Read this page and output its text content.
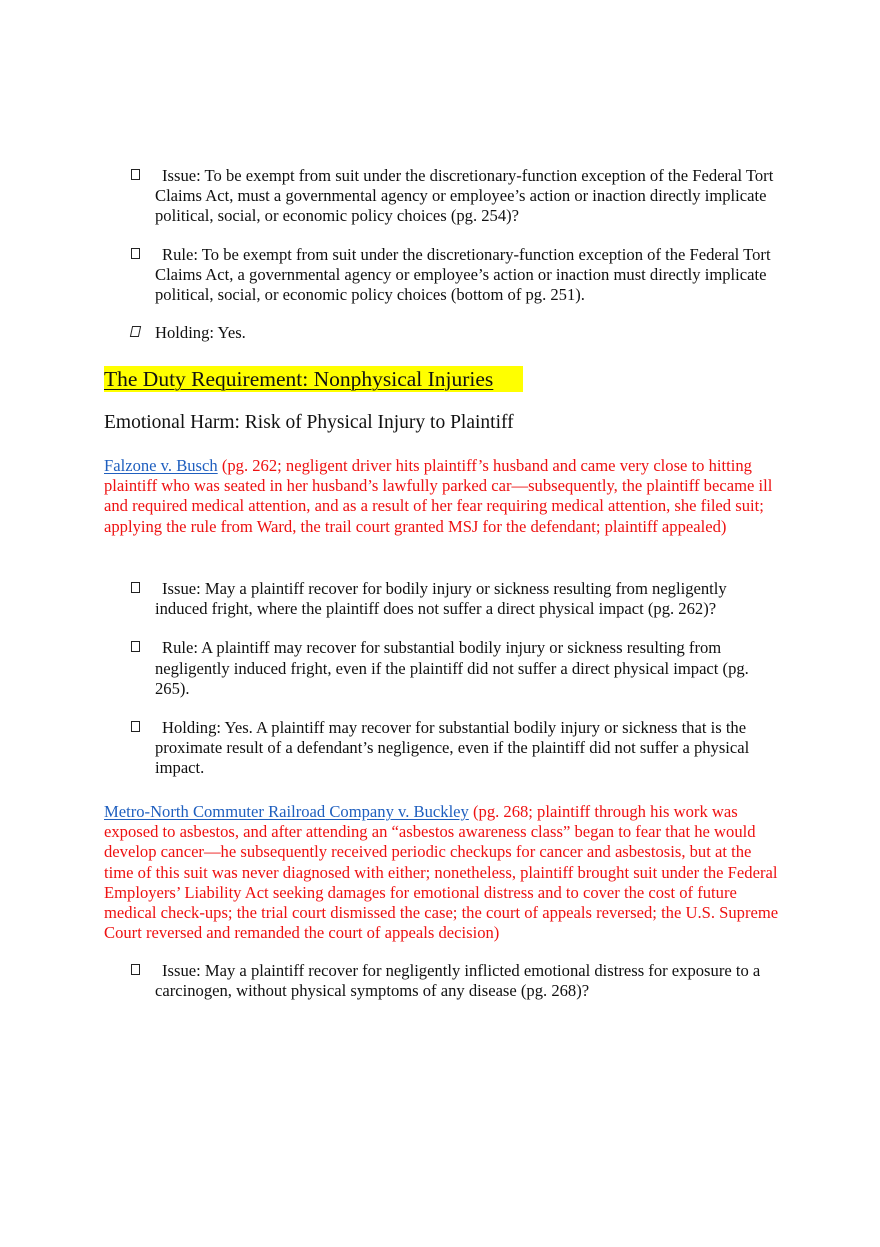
Issue: To be exempt from suit under the discretionary-function exception of the Federal Tort Claims Act, must a governmental agency or employee’s action or inaction directly implicate political, social, or economic policy choices (pg. 254)?
Rule: To be exempt from suit under the discretionary-function exception of the Federal Tort Claims Act, a governmental agency or employee’s action or inaction must directly implicate political, social, or economic policy choices (bottom of pg. 251).
Holding: Yes.
The Duty Requirement: Nonphysical Injuries
Emotional Harm: Risk of Physical Injury to Plaintiff

Falzone v. Busch (pg. 262; negligent driver hits plaintiff’s husband and came very close to hitting plaintiff who was seated in her husband’s lawfully parked car—subsequently, the plaintiff became ill and required medical attention, and as a result of her fear requiring medical attention, she filed suit; applying the rule from Ward, the trail court granted MSJ for the defendant; plaintiff appealed)

Issue: May a plaintiff recover for bodily injury or sickness resulting from negligently induced fright, where the plaintiff does not suffer a direct physical impact (pg. 262)?
Rule: A plaintiff may recover for substantial bodily injury or sickness resulting from negligently induced fright, even if the plaintiff did not suffer a direct physical impact (pg. 265).
Holding: Yes. A plaintiff may recover for substantial bodily injury or sickness that is the proximate result of a defendant’s negligence, even if the plaintiff did not suffer a physical impact.

Metro-North Commuter Railroad Company v. Buckley (pg. 268; plaintiff through his work was exposed to asbestos, and after attending an “asbestos awareness class” began to fear that he would develop cancer—he subsequently received periodic checkups for cancer and asbestosis, but at the time of this suit was never diagnosed with either; nonetheless, plaintiff brought suit under the Federal Employers’ Liability Act seeking damages for emotional distress and to cover the cost of future medical check-ups; the trial court dismissed the case; the court of appeals reversed; the U.S. Supreme Court reversed and remanded the court of appeals decision)

Issue: May a plaintiff recover for negligently inflicted emotional distress for exposure to a carcinogen, without physical symptoms of any disease (pg. 268)?
